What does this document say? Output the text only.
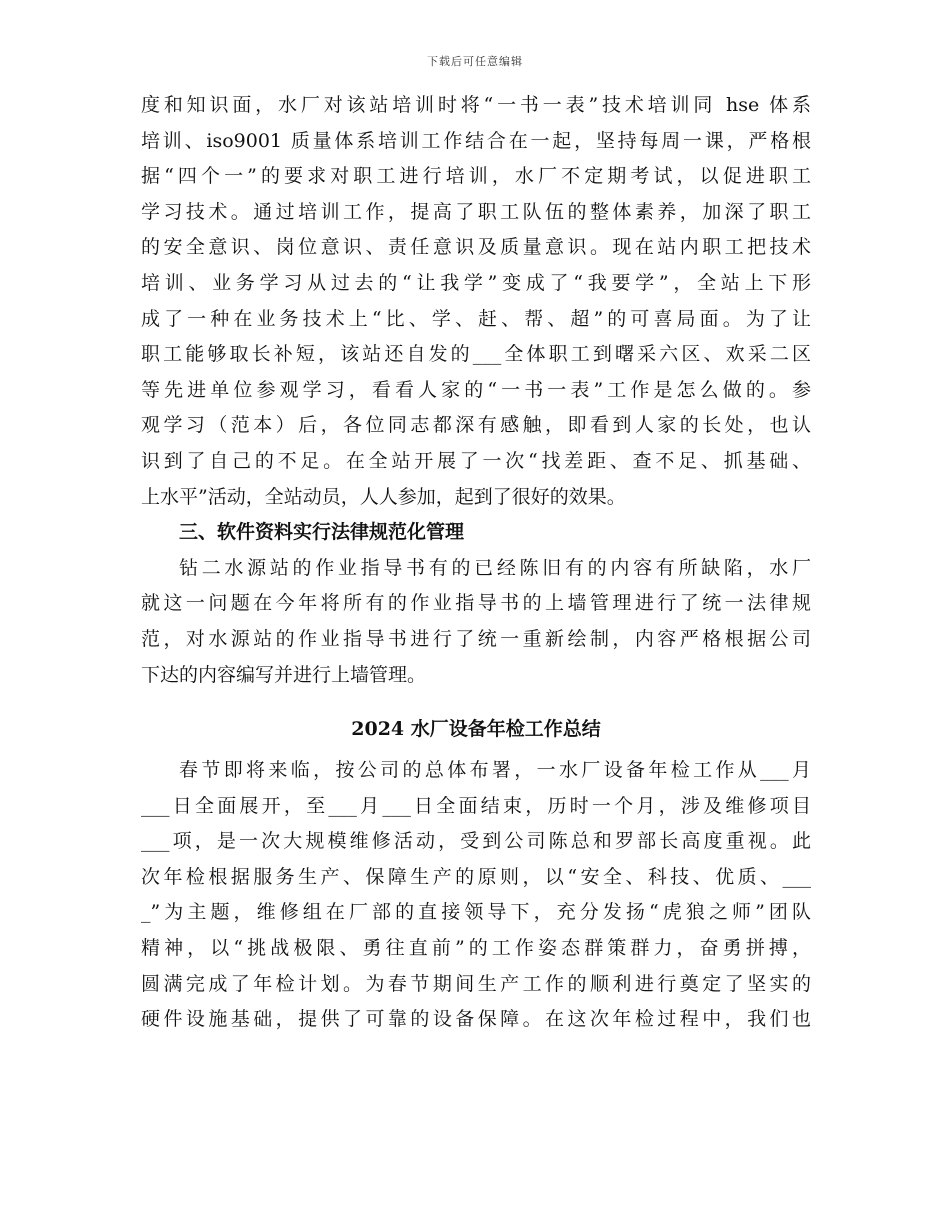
下载后可任意编辑
度和知识面，水厂对该站培训时将“一书一表”技术培训同 hse 体系
培训、iso9001 质量体系培训工作结合在一起，坚持每周一课，严格根
据“四个一”的要求对职工进行培训，水厂不定期考试，以促进职工
学习技术。通过培训工作，提高了职工队伍的整体素养，加深了职工
的安全意识、岗位意识、责任意识及质量意识。现在站内职工把技术
培训、业务学习从过去的“让我学”变成了“我要学”，全站上下形
成了一种在业务技术上“比、学、赶、帮、超”的可喜局面。为了让
职工能够取长补短，该站还自发的___全体职工到曙采六区、欢采二区
等先进单位参观学习，看看人家的“一书一表”工作是怎么做的。参
观学习（范本）后，各位同志都深有感触，即看到人家的长处，也认
识到了自己的不足。在全站开展了一次“找差距、查不足、抓基础、
上水平”活动，全站动员，人人参加，起到了很好的效果。
三、软件资料实行法律规范化管理
钻二水源站的作业指导书有的已经陈旧有的内容有所缺陷，水厂
就这一问题在今年将所有的作业指导书的上墙管理进行了统一法律规
范，对水源站的作业指导书进行了统一重新绘制，内容严格根据公司
下达的内容编写并进行上墙管理。
2024 水厂设备年检工作总结
春节即将来临，按公司的总体布署，一水厂设备年检工作从___月
___日全面展开，至___月___日全面结束，历时一个月，涉及维修项目
___项，是一次大规模维修活动，受到公司陈总和罗部长高度重视。此
次年检根据服务生产、保障生产的原则，以“安全、科技、优质、___
_”为主题，维修组在厂部的直接领导下，充分发扬“虎狼之师”团队
精神，以“挑战极限、勇往直前”的工作姿态群策群力，奋勇拼搏，
圆满完成了年检计划。为春节期间生产工作的顺利进行奠定了坚实的
硬件设施基础，提供了可靠的设备保障。在这次年检过程中，我们也
